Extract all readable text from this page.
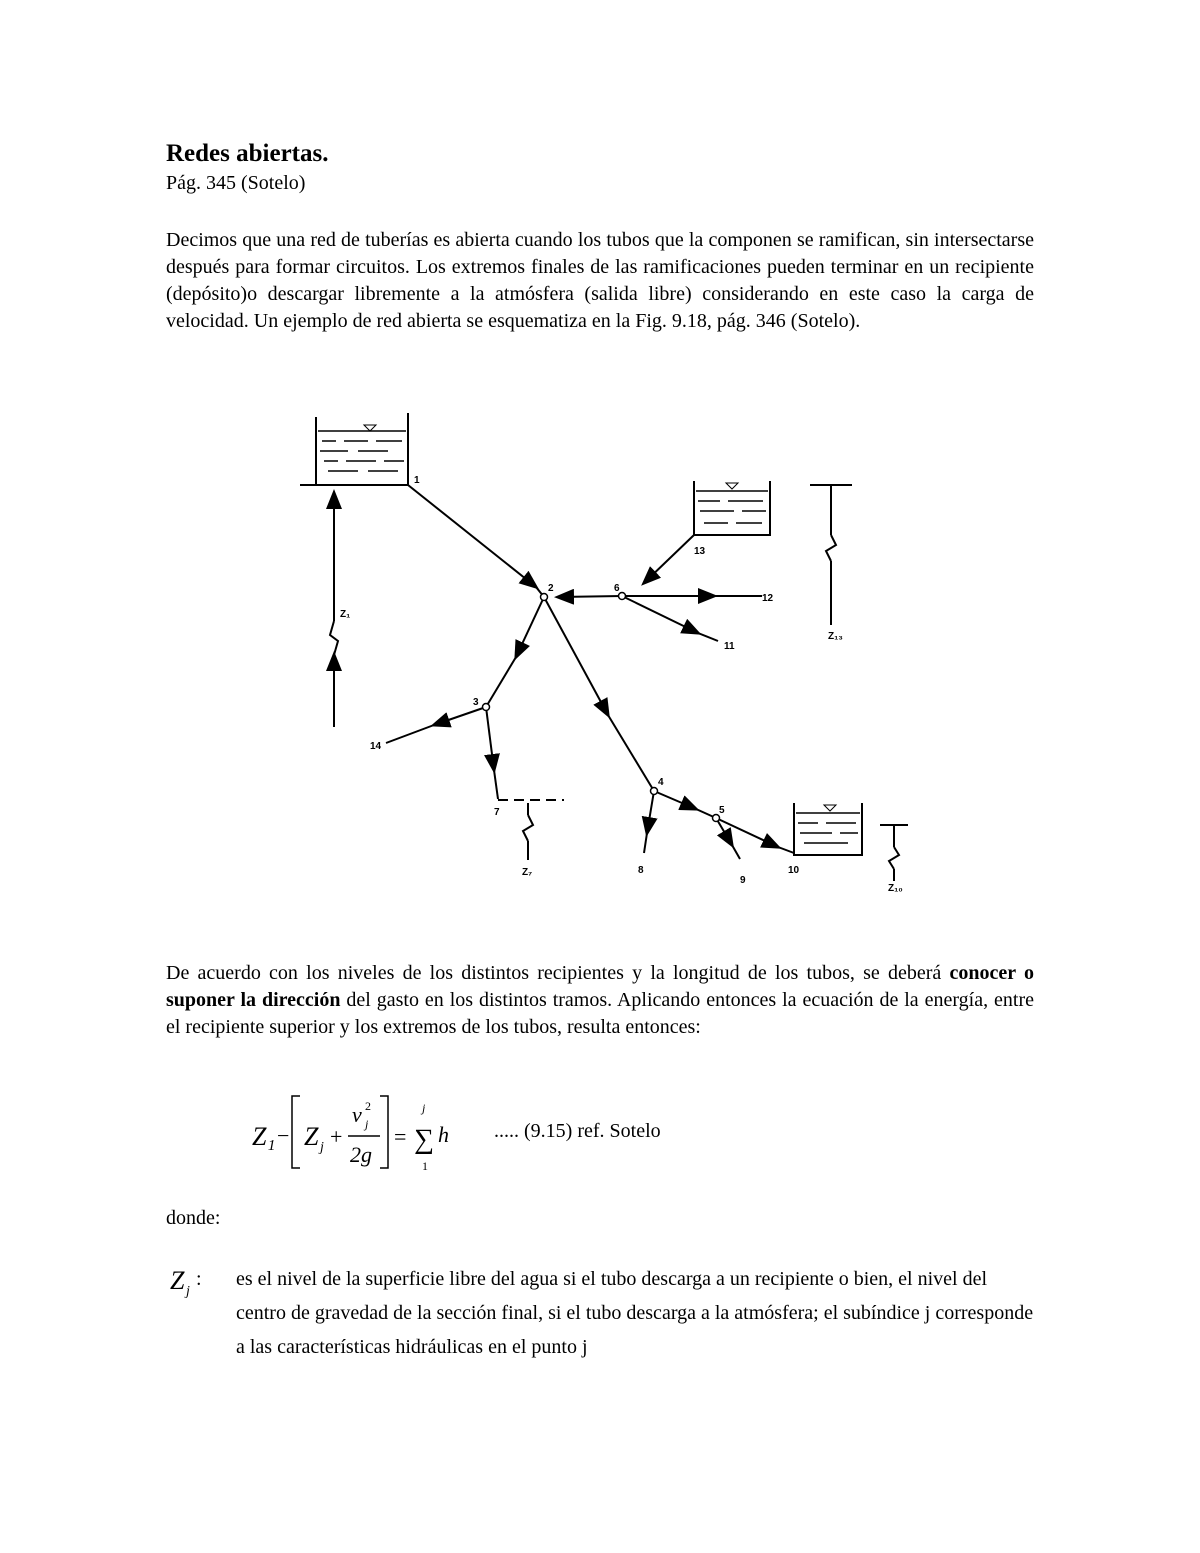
Redes abiertas.
Pág. 345 (Sotelo)
Decimos que una red de tuberías es abierta cuando los tubos que la componen se ramifican, sin intersectarse después para formar circuitos. Los extremos finales de las ramificaciones pueden terminar en un recipiente (depósito)o descargar libremente a la atmósfera (salida libre) considerando en este caso la carga de velocidad. Un ejemplo de red abierta se esquematiza en la Fig. 9.18, pág. 346 (Sotelo).
1
2
3
4
5
6
7
8
9
10
11
12
13
14
Z₁
Z₁₃
Z₇
Z₁₀
De acuerdo con los niveles de los distintos recipientes y la longitud de los tubos, se deberá conocer o suponer la dirección del gasto en los distintos tramos. Aplicando entonces la ecuación de la energía, entre el recipiente superior y los extremos de los tubos, resulta entonces:
Z₁ − Z j +
v 2
j
2g
= ∑
j
1
h ..... (9.15) ref. Sotelo
donde:
Z j
: es el nivel de la superficie libre del agua si el tubo descarga a un recipiente o bien, el nivel del centro de gravedad de la sección final, si el tubo descarga a la atmósfera; el subíndice j corresponde a las características hidráulicas en el punto j
